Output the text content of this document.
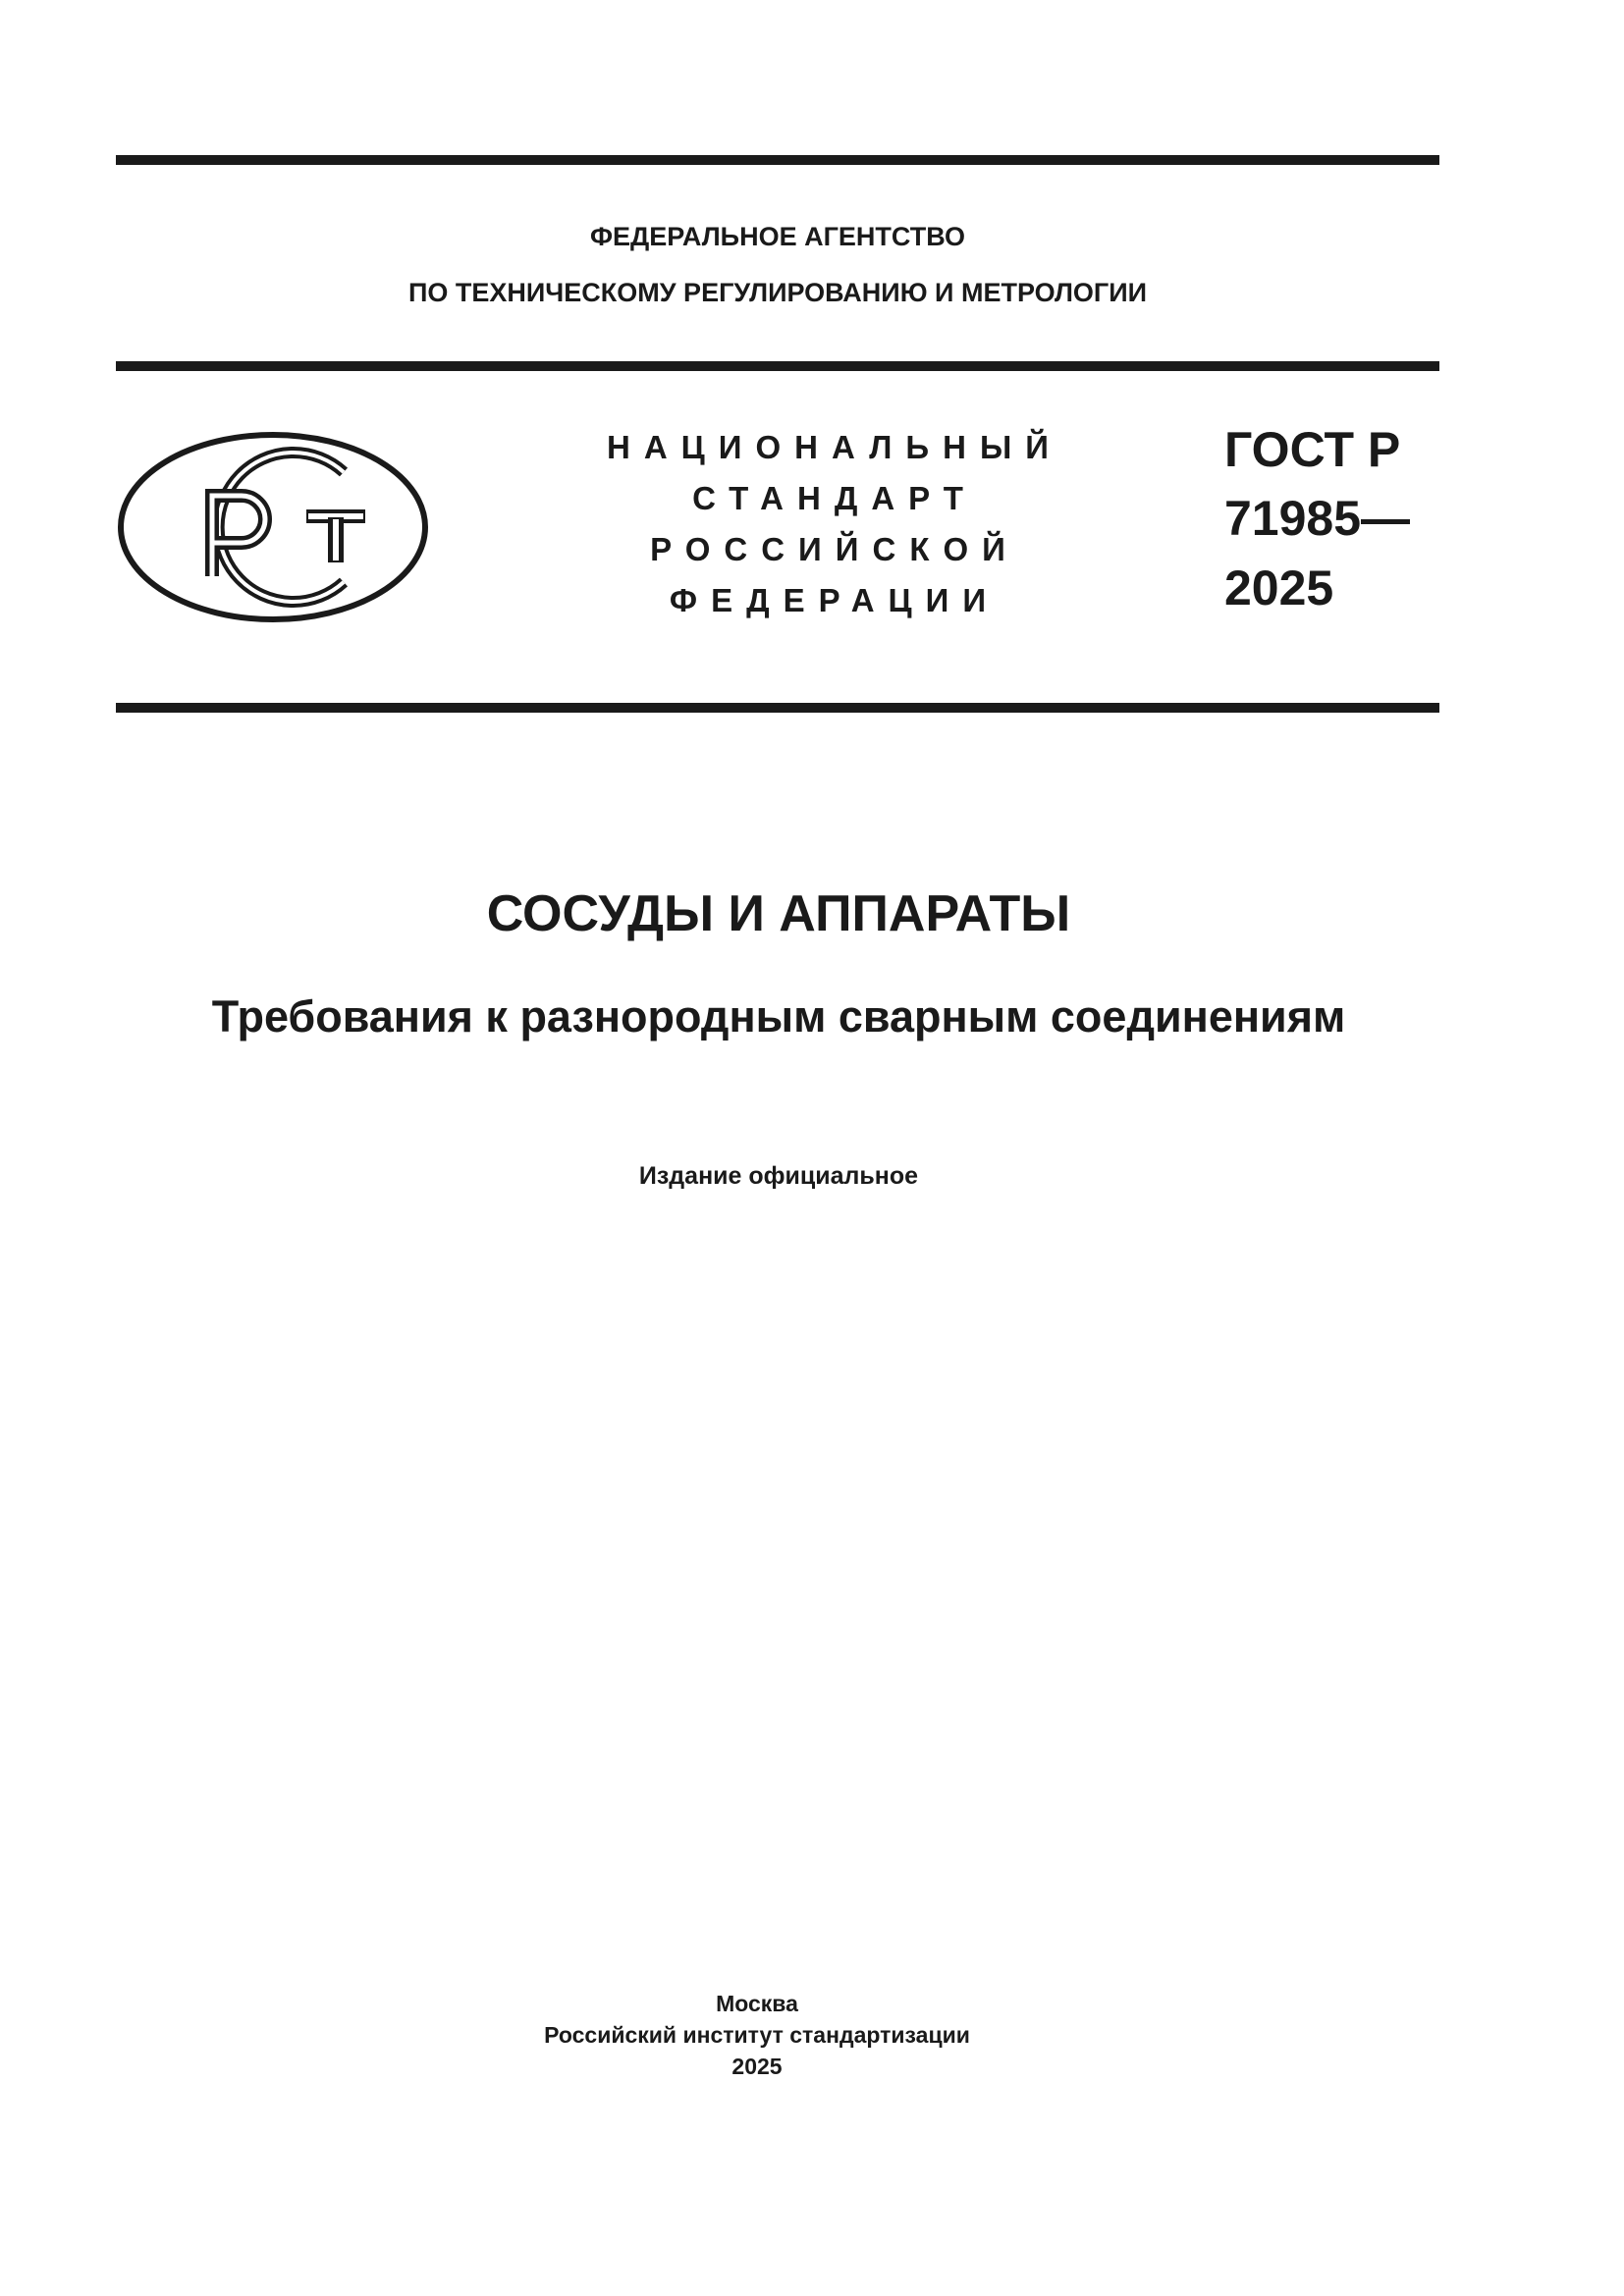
ФЕДЕРАЛЬНОЕ АГЕНТСТВО
ПО ТЕХНИЧЕСКОМУ РЕГУЛИРОВАНИЮ И МЕТРОЛОГИИ
НАЦИОНАЛЬНЫЙ
СТАНДАРТ
РОССИЙСКОЙ
ФЕДЕРАЦИИ
ГОСТ Р
71985—
2025
СОСУДЫ И АППАРАТЫ
Требования к разнородным сварным соединениям
Издание официальное
Москва
Российский институт стандартизации
2025
